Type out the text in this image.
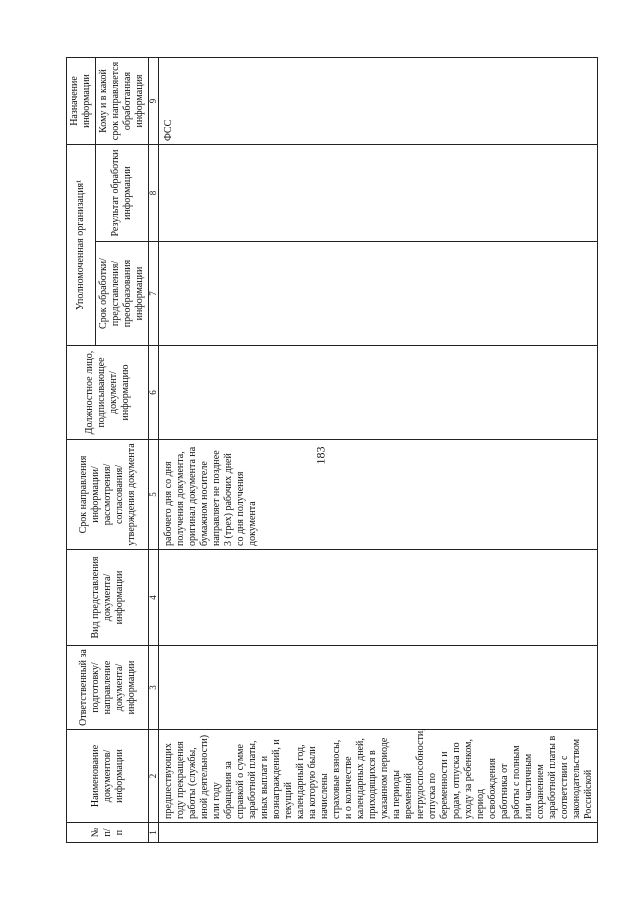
183
№ п/п	Наименование документов/ информации	Ответственный за подготовку/ направление документа/ информации	Вид представления документа/ информации	Срок направления информации/ рассмотрения/ согласования/ утверждения документа	Должностное лицо, подписывающее документ/ информацию	Уполномоченная организация¹		Назначение информации
						Срок обработки/ представления/ преобразования информации	Результат обработки информации	Кому и в какой срок направляется обработанная информация
1	2	3	4	5	6	7	8	9
	предшествующих году прекращения работы (службы, иной деятельности) или году обращения за справкой о сумме заработной платы, иных выплат и вознаграждений, и текущий календарный год, на которую были начислены страховые взносы, и о количестве календарных дней, приходящихся в указанном периоде на периоды временной нетрудоспособности, отпуска по беременности и родам, отпуска по уходу за ребенком, период освобождения работника от работы с полным или частичным сохранением заработной платы в соответствии с законодательством Российской			рабочего дня со дня получения документа, оригинал документа на бумажном носителе направляет не позднее 3 (трех) рабочих дней со дня получения документа				ФСС
